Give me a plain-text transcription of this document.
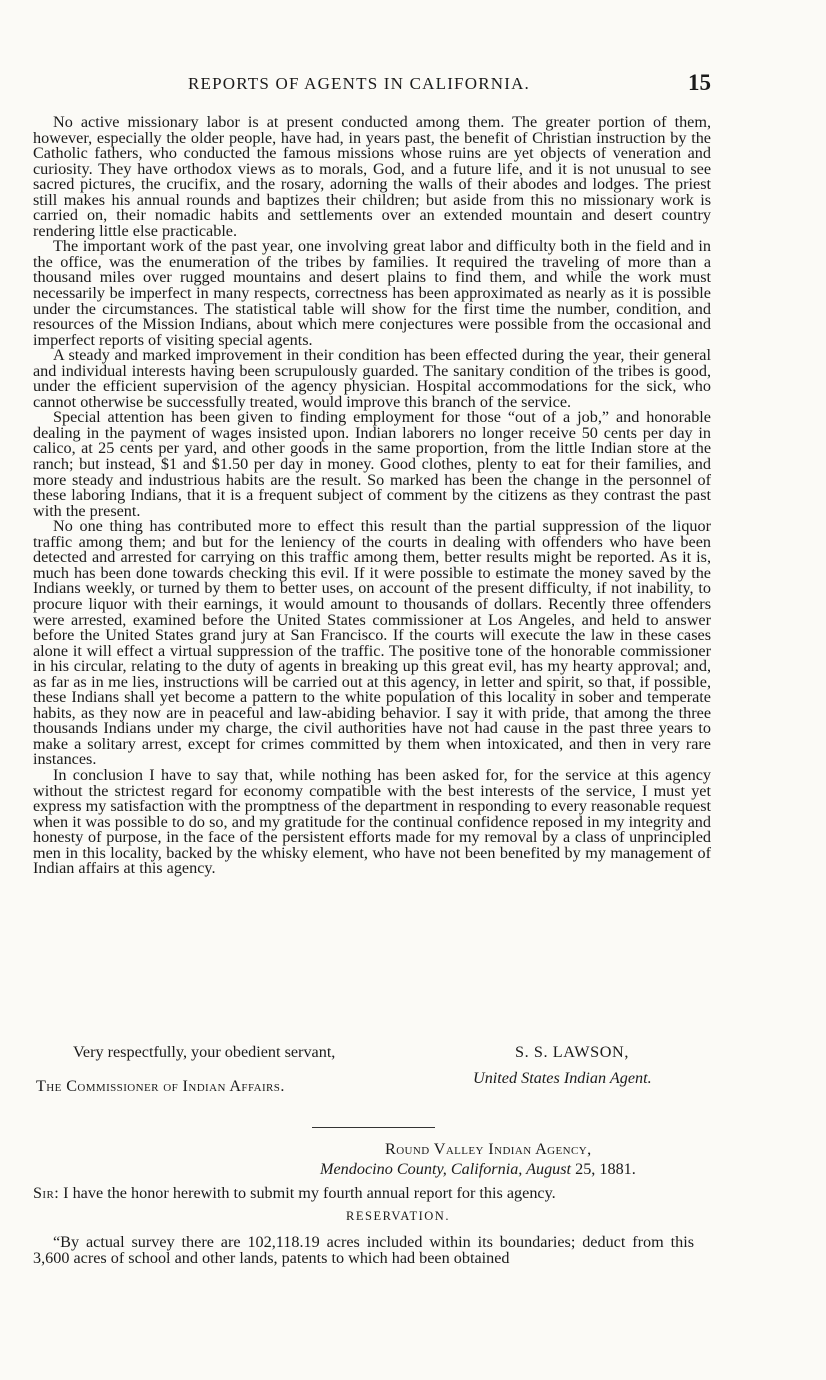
REPORTS OF AGENTS IN CALIFORNIA.	15

No active missionary labor is at present conducted among them. The greater portion of them, however, especially the older people, have had, in years past, the benefit of Christian instruction by the Catholic fathers, who conducted the famous missions whose ruins are yet objects of veneration and curiosity. They have orthodox views as to morals, God, and a future life, and it is not unusual to see sacred pictures, the crucifix, and the rosary, adorning the walls of their abodes and lodges. The priest still makes his annual rounds and baptizes their children; but aside from this no missionary work is carried on, their nomadic habits and settlements over an extended mountain and desert country rendering little else practicable.

The important work of the past year, one involving great labor and difficulty both in the field and in the office, was the enumeration of the tribes by families. It required the traveling of more than a thousand miles over rugged mountains and desert plains to find them, and while the work must necessarily be imperfect in many respects, correctness has been approximated as nearly as it is possible under the circumstances. The statistical table will show for the first time the number, condition, and resources of the Mission Indians, about which mere conjectures were possible from the occasional and imperfect reports of visiting special agents.

A steady and marked improvement in their condition has been effected during the year, their general and individual interests having been scrupulously guarded. The sanitary condition of the tribes is good, under the efficient supervision of the agency physician. Hospital accommodations for the sick, who cannot otherwise be successfully treated, would improve this branch of the service.

Special attention has been given to finding employment for those “out of a job,” and honorable dealing in the payment of wages insisted upon. Indian laborers no longer receive 50 cents per day in calico, at 25 cents per yard, and other goods in the same proportion, from the little Indian store at the ranch; but instead, $1 and $1.50 per day in money. Good clothes, plenty to eat for their families, and more steady and industrious habits are the result. So marked has been the change in the personnel of these laboring Indians, that it is a frequent subject of comment by the citizens as they contrast the past with the present.

No one thing has contributed more to effect this result than the partial suppression of the liquor traffic among them; and but for the leniency of the courts in dealing with offenders who have been detected and arrested for carrying on this traffic among them, better results might be reported. As it is, much has been done towards checking this evil. If it were possible to estimate the money saved by the Indians weekly, or turned by them to better uses, on account of the present difficulty, if not inability, to procure liquor with their earnings, it would amount to thousands of dollars. Recently three offenders were arrested, examined before the United States commissioner at Los Angeles, and held to answer before the United States grand jury at San Francisco. If the courts will execute the law in these cases alone it will effect a virtual suppression of the traffic. The positive tone of the honorable commissioner in his circular, relating to the duty of agents in breaking up this great evil, has my hearty approval; and, as far as in me lies, instructions will be carried out at this agency, in letter and spirit, so that, if possible, these Indians shall yet become a pattern to the white population of this locality in sober and temperate habits, as they now are in peaceful and law-abiding behavior. I say it with pride, that among the three thousands Indians under my charge, the civil authorities have not had cause in the past three years to make a solitary arrest, except for crimes committed by them when intoxicated, and then in very rare instances.

In conclusion I have to say that, while nothing has been asked for, for the service at this agency without the strictest regard for economy compatible with the best interests of the service, I must yet express my satisfaction with the promptness of the department in responding to every reasonable request when it was possible to do so, and my gratitude for the continual confidence reposed in my integrity and honesty of purpose, in the face of the persistent efforts made for my removal by a class of unprincipled men in this locality, backed by the whisky element, who have not been benefited by my management of Indian affairs at this agency.

Very respectfully, your obedient servant,	S. S. LAWSON,
United States Indian Agent.
The Commissioner of Indian Affairs.
Round Valley Indian Agency,
Mendocino County, California, August 25, 1881.
Sir: I have the honor herewith to submit my fourth annual report for this agency.
RESERVATION.

“By actual survey there are 102,118.19 acres included within its boundaries; deduct from this 3,600 acres of school and other lands, patents to which had been obtained
